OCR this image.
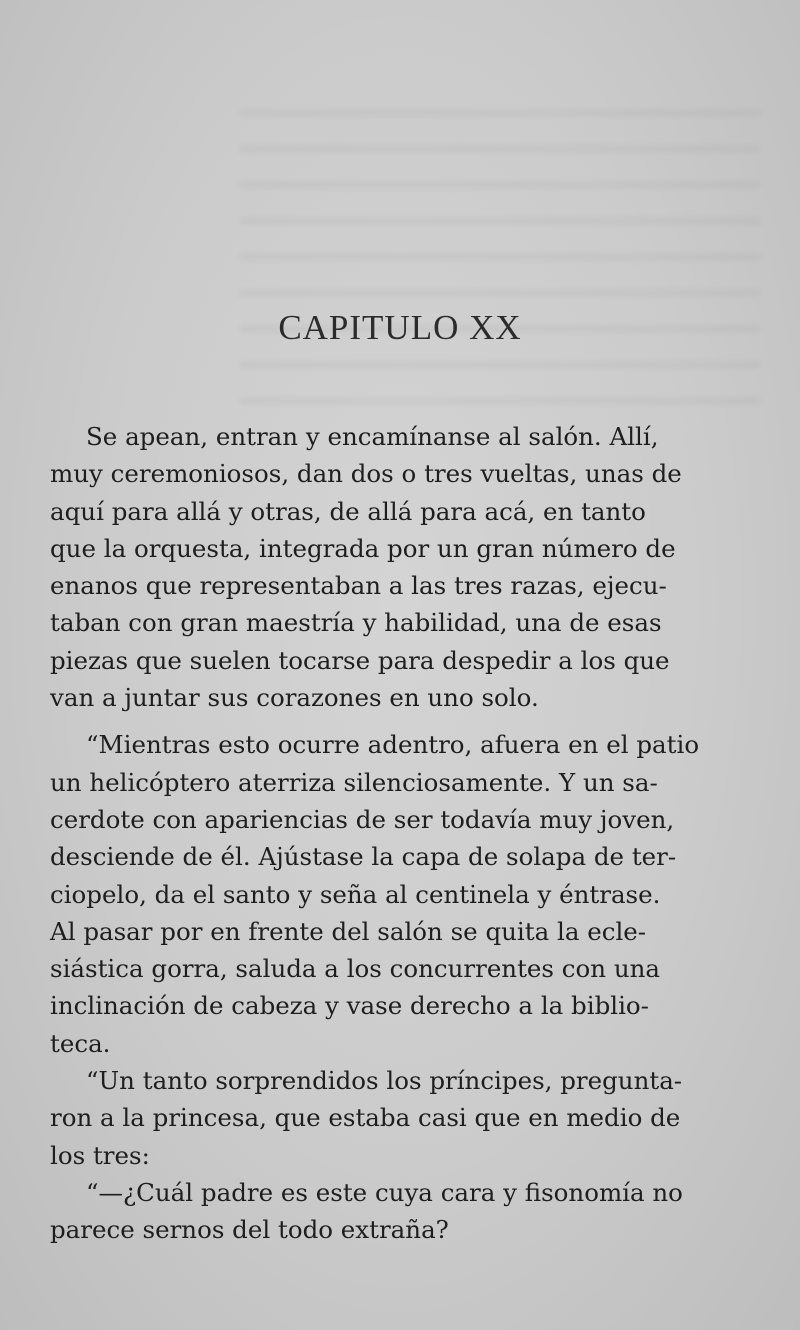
CAPITULO XX

Se apean, entran y encamínanse al salón. Allí,
muy ceremoniosos, dan dos o tres vueltas, unas de
aquí para allá y otras, de allá para acá, en tanto
que la orquesta, integrada por un gran número de
enanos que representaban a las tres razas, ejecu-
taban con gran maestría y habilidad, una de esas
piezas que suelen tocarse para despedir a los que
van a juntar sus corazones en uno solo.

“Mientras esto ocurre adentro, afuera en el patio
un helicóptero aterriza silenciosamente. Y un sa-
cerdote con apariencias de ser todavía muy joven,
desciende de él. Ajústase la capa de solapa de ter-
ciopelo, da el santo y seña al centinela y éntrase.
Al pasar por en frente del salón se quita la ecle-
siástica gorra, saluda a los concurrentes con una
inclinación de cabeza y vase derecho a la biblio-
teca.

“Un tanto sorprendidos los príncipes, pregunta-
ron a la princesa, que estaba casi que en medio de
los tres:

“—¿Cuál padre es este cuya cara y fisonomía no
parece sernos del todo extraña?
